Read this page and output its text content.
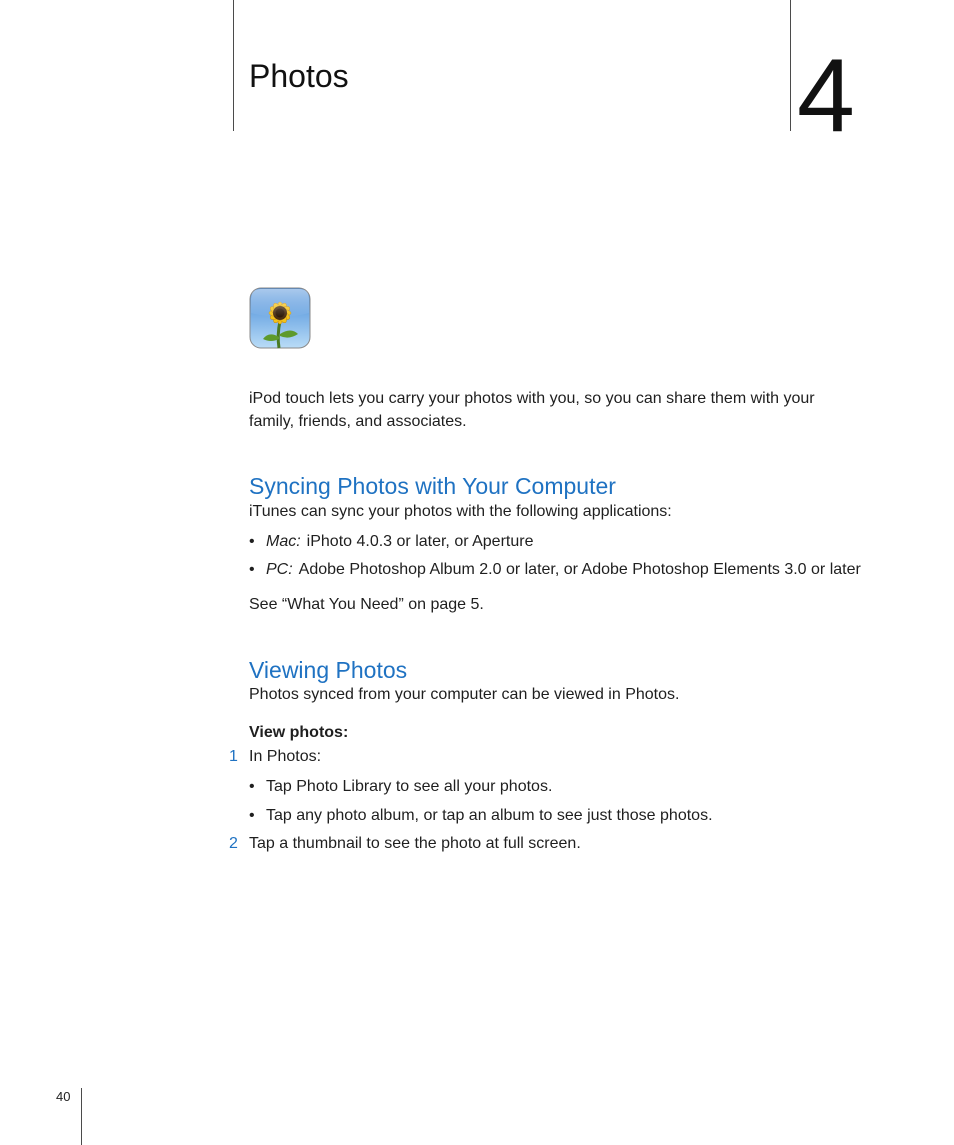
Photos	4

iPod touch lets you carry your photos with you, so you can share them with your family, friends, and associates.

Syncing Photos with Your Computer

iTunes can sync your photos with the following applications:

• Mac: iPhoto 4.0.3 or later, or Aperture
• PC: Adobe Photoshop Album 2.0 or later, or Adobe Photoshop Elements 3.0 or later

See “What You Need” on page 5.

Viewing Photos

Photos synced from your computer can be viewed in Photos.

View photos:
1 In Photos:
• Tap Photo Library to see all your photos.
• Tap any photo album, or tap an album to see just those photos.
2 Tap a thumbnail to see the photo at full screen.
40
